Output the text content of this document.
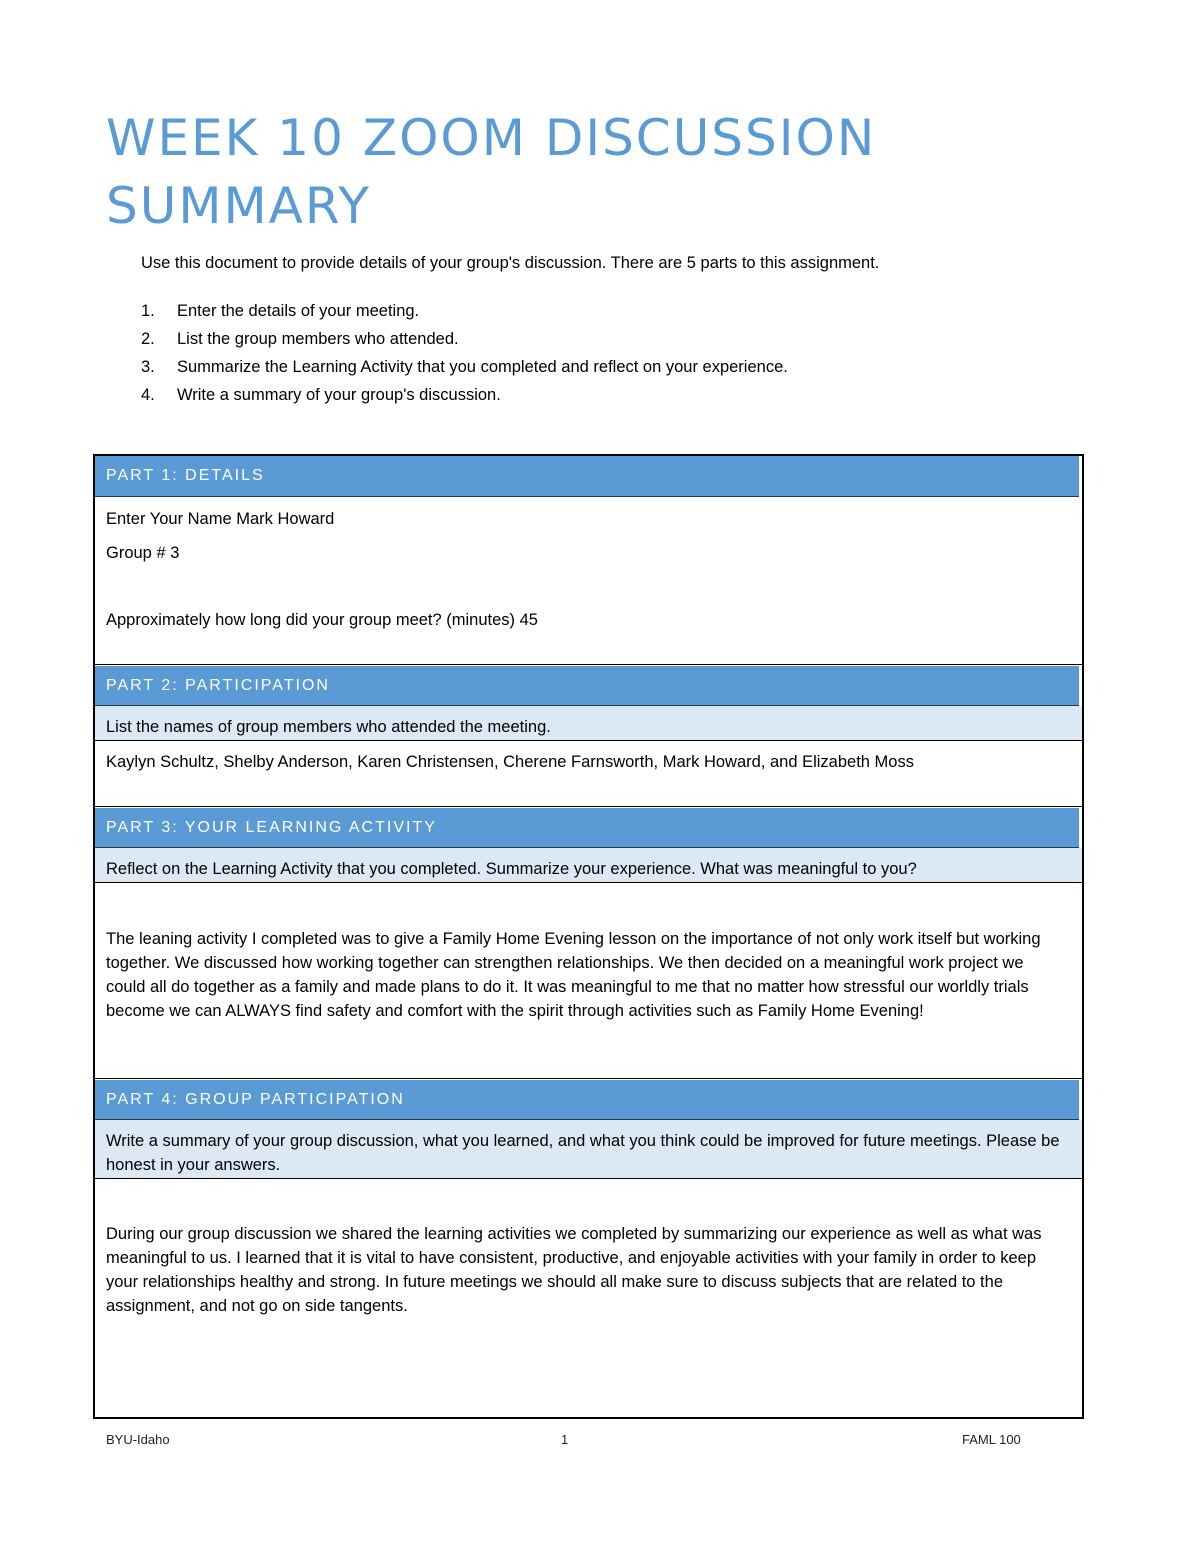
WEEK 10 ZOOM DISCUSSION SUMMARY

Use this document to provide details of your group's discussion. There are 5 parts to this assignment.

1.	Enter the details of your meeting.
2.	List the group members who attended.
3.	Summarize the Learning Activity that you completed and reflect on your experience.
4.	Write a summary of your group's discussion.
PART 1: DETAILS

Enter Your Name Mark Howard

Group # 3

Approximately how long did your group meet? (minutes) 45

PART 2: PARTICIPATION
List the names of group members who attended the meeting.
Kaylyn Schultz, Shelby Anderson, Karen Christensen, Cherene Farnsworth, Mark Howard, and Elizabeth Moss
PART 3: YOUR LEARNING ACTIVITY
Reflect on the Learning Activity that you completed. Summarize your experience. What was meaningful to you?
The leaning activity I completed was to give a Family Home Evening lesson on the importance of not only work itself but working together. We discussed how working together can strengthen relationships. We then decided on a meaningful work project we could all do together as a family and made plans to do it. It was meaningful to me that no matter how stressful our worldly trials become we can ALWAYS find safety and comfort with the spirit through activities such as Family Home Evening!
PART 4: GROUP PARTICIPATION
Write a summary of your group discussion, what you learned, and what you think could be improved for future meetings. Please be honest in your answers.
During our group discussion we shared the learning activities we completed by summarizing our experience as well as what was meaningful to us. I learned that it is vital to have consistent, productive, and enjoyable activities with your family in order to keep your relationships healthy and strong. In future meetings we should all make sure to discuss subjects that are related to the assignment, and not go on side tangents.
BYU-Idaho	1	FAML 100
